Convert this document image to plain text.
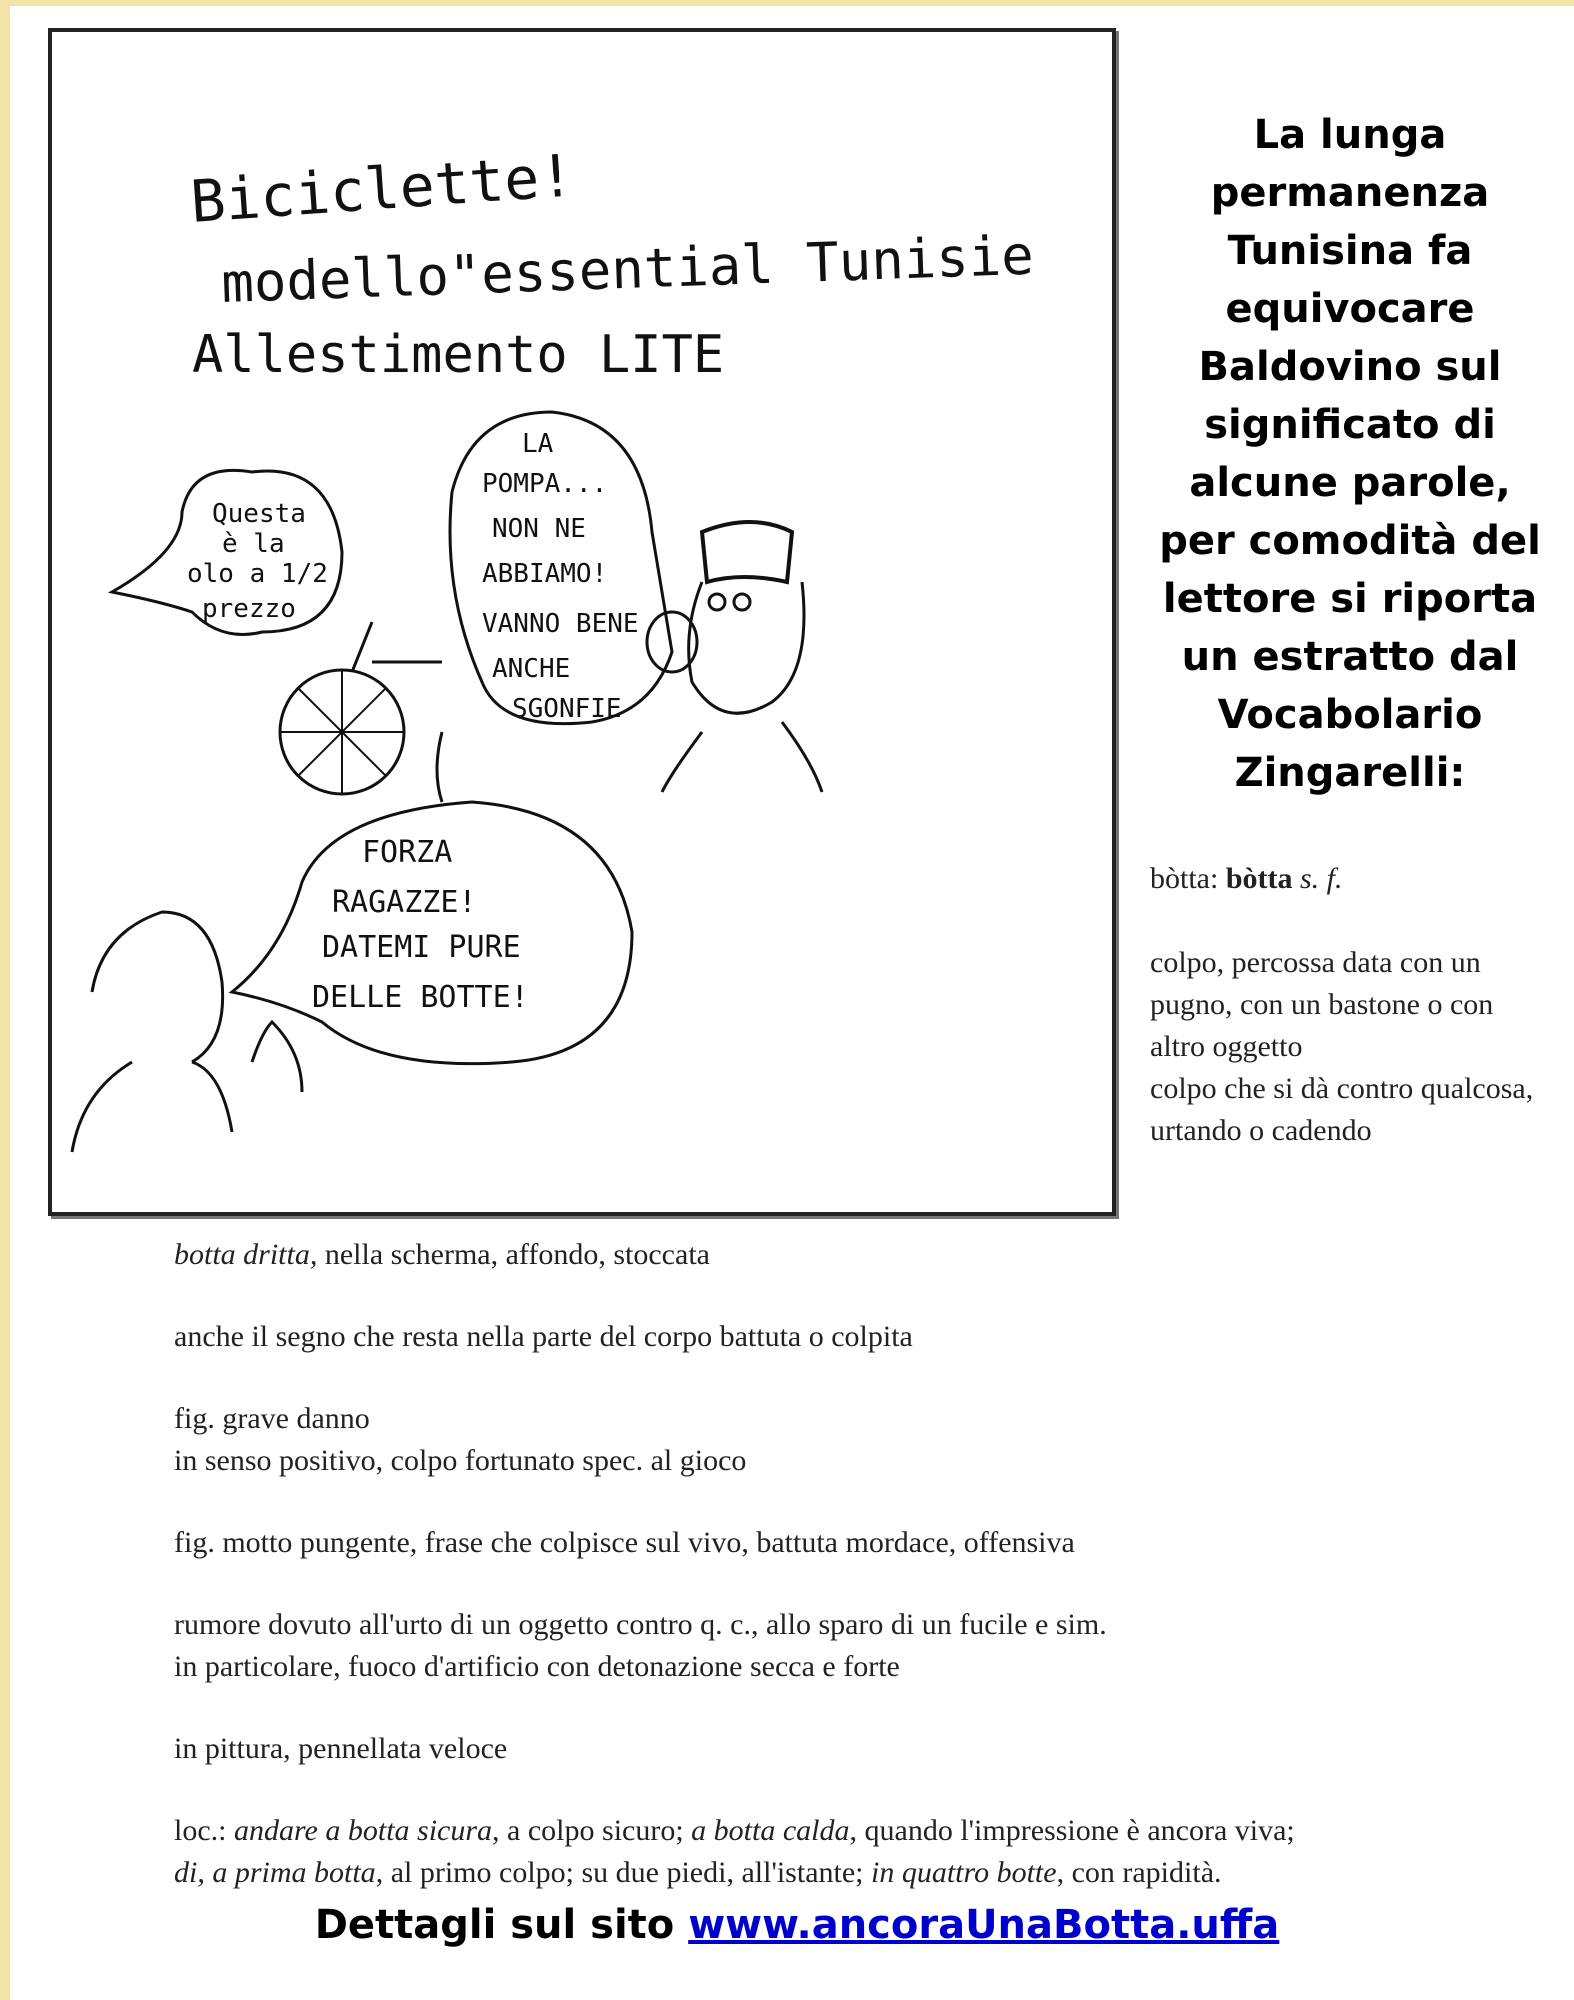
Biciclette!
modello"essential Tunisie
Allestimento LITE
Questa
è la
olo a 1/2
prezzo
LA
POMPA...
NON NE
ABBIAMO!
VANNO BENE
ANCHE
SGONFIE
FORZA
RAGAZZE!
DATEMI PURE
DELLE BOTTE!
La lunga permanenza Tunisina fa equivocare Baldovino sul significato di alcune parole, per comodità del lettore si riporta un estratto dal Vocabolario Zingarelli:
bòtta: bòtta s. f.
colpo, percossa data con un pugno, con un bastone o con altro oggetto
colpo che si dà contro qualcosa, urtando o cadendo

botta dritta, nella scherma, affondo, stoccata

anche il segno che resta nella parte del corpo battuta o colpita

fig. grave danno

in senso positivo, colpo fortunato spec. al gioco

fig. motto pungente, frase che colpisce sul vivo, battuta mordace, offensiva

rumore dovuto all'urto di un oggetto contro q. c., allo sparo di un fucile e sim.

in particolare, fuoco d'artificio con detonazione secca e forte

in pittura, pennellata veloce

loc.: andare a botta sicura, a colpo sicuro; a botta calda, quando l'impressione è ancora viva;
di, a prima botta, al primo colpo; su due piedi, all'istante; in quattro botte, con rapidità.

Dettagli sul sito www.ancoraUnaBotta.uffa
